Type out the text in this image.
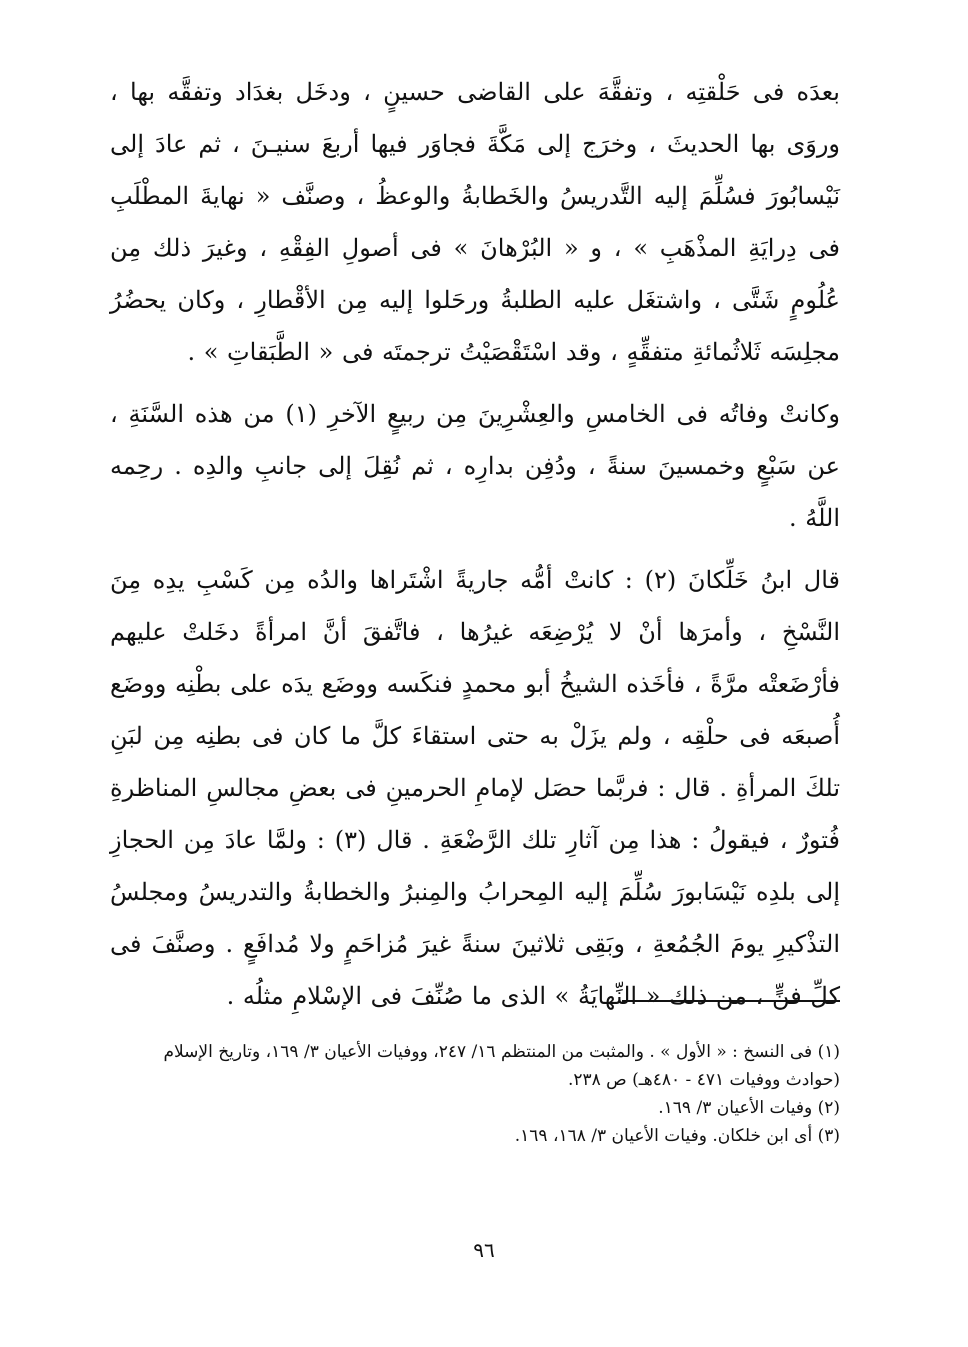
بعدَه فى حَلْقتِه ، وتفقَّهَ على القاضى حسينٍ ، ودخَل بغدَاد وتفقَّه بها ، وروَى بها الحديثَ ، وخرَج إلى مَكَّةَ فجاوَر فيها أربعَ سنيـنَ ، ثم عادَ إلى نَيْسابُورَ فسُلِّمَ إليه التَّدريسُ والخَطابةُ والوعظُ ، وصنَّف « نهايةَ المطْلَبِ فى دِرايَةِ المذْهَبِ » ، و « البُرْهانَ » فى أصولِ الفِقْهِ ، وغيرَ ذلك مِن عُلُومٍ شَتَّى ، واشتغَل عليه الطلبةُ ورحَلوا إليه مِن الأقْطارِ ، وكان يحضُرُ مجلِسَه ثَلاثُمائةِ متفقِّهٍ ، وقد اسْتَقْصَيْتُ ترجمتَه فى « الطَّبَقاتِ » .

وكانتْ وفاتُه فى الخامسِ والعِشْرِينَ مِن ربيعٍ الآخرِ (١) من هذه السَّنَةِ ، عن سَبْعٍ وخمسينَ سنةً ، ودُفِن بدارِه ، ثم نُقِلَ إلى جانبِ والدِه . رحِمه اللَّهُ .

قال ابنُ خَلِّكانَ (٢) : كانتْ أمُّه جاريةً اشْتَراها والدُه مِن كَسْبِ يدِه مِنَ النَّسْخِ ، وأمرَها أنْ لا يُرْضِعَه غيرُها ، فاتَّفقَ أنَّ امرأةً دخَلتْ عليهم فأرْضَعتْه مرَّةً ، فأخَذه الشيخُ أبو محمدٍ فنكَسه ووضَع يدَه على بطْنِه ووضَع أُصبعَه فى حلْقِه ، ولم يزَلْ به حتى استقاءَ كلَّ ما كان فى بطنِه مِن لبَنِ تلكَ المرأةِ . قال : فربَّما حصَل لإمامِ الحرمينِ فى بعضِ مجالسِ المناظرةِ فُتورٌ ، فيقولُ : هذا مِن آثارِ تلك الرَّضْعَةِ . قال (٣) : ولمَّا عادَ مِن الحجازِ إلى بلدِه نَيْسَابورَ سُلِّمَ إليه المِحرابُ والمِنبرُ والخطابةُ والتدريسُ ومجلسُ التذْكيرِ يومَ الجُمُعةِ ، وبَقِى ثلاثينَ سنةً غيرَ مُزاحَمٍ ولا مُدافَعٍ . وصنَّفَ فى كلِّ فنٍّ ، من ذلك « النِّهايَةُ » الذى ما صُنِّفَ فى الإسْلامِ مثلُه .

(١) فى النسخ : « الأول » . والمثبت من المنتظم ١٦/ ٢٤٧، ووفيات الأعيان ٣/ ١٦٩، وتاريخ الإسلام (حوادث ووفيات ٤٧١ - ٤٨٠هـ) ص ٢٣٨.

(٢) وفيات الأعيان ٣/ ١٦٩.

(٣) أى ابن خلكان. وفيات الأعيان ٣/ ١٦٨، ١٦٩.

٩٦
